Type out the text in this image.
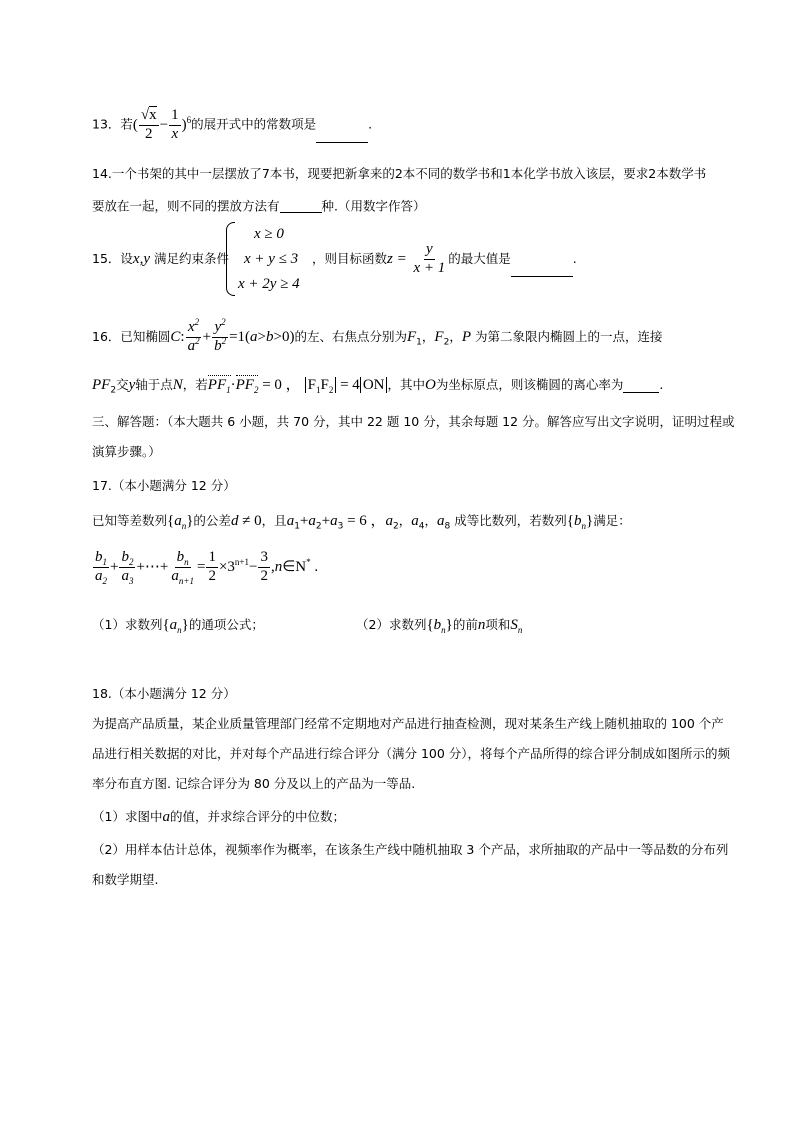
13．若( $\frac{√x}{2} - \frac{1}{x} )^6$的展开式中的常数项是	.
14.一个书架的其中一层摆放了7本书，现要把新拿来的2本不同的数学书和1本化学书放入该层，要求2本数学书
要放在一起，则不同的摆放方法有	种.（用数字作答）
15．设x,y 满足约束条件
x ≥ 0
x + y ≤ 3
x + 2y ≥ 4
，则目标函数$z = \frac{y}{x + 1}$ 的最大值是	.
16．已知椭圆C: $\frac{x^2}{a^2} + \frac{y^2}{b^2} =1(a>b>0)$的左、右焦点分别为$F_1$，$F_2$，P 为第二象限内椭圆上的一点，连接
$PF_2$交y轴于点N，若$PF_1\cdot PF_2 = 0$ ， $F_1F_2 = 4$ ON ，其中O为坐标原点，则该椭圆的离心率为	.
三、解答题：（本大题共 6 小题，共 70 分，其中 22 题 10 分，其余每题 12 分。解答应写出文字说明，证明过程或
演算步骤。）
17.（本小题满分 12 分）
已知等差数列$\{a_n\}$的公差d ≠ 0，且$a_1+a_2+a_3 = 6$ ，$a_2$，$a_4$，$a_8$ 成等比数列，若数列$\{b_n\}$满足：
$\frac{b_1}{a_2} + \frac{b_2}{a_3}$ +⋯+ $\frac{b_n}{a_{n+1}} = \frac{1}{2} \times 3^{n+1}- \frac{3}{2}$ ,n∈N* .
（1）求数列$\{a_n\}$的通项公式；	（2）求数列$\{b_n\}$的前n项和$S_n$
18.（本小题满分 12 分）
为提高产品质量，某企业质量管理部门经常不定期地对产品进行抽查检测，现对某条生产线上随机抽取的 100 个产
品进行相关数据的对比，并对每个产品进行综合评分（满分 100 分），将每个产品所得的综合评分制成如图所示的频
率分布直方图. 记综合评分为 80 分及以上的产品为一等品.
（1）求图中a的值，并求综合评分的中位数；
（2）用样本估计总体，视频率作为概率，在该条生产线中随机抽取 3 个产品，求所抽取的产品中一等品数的分布列
和数学期望.
